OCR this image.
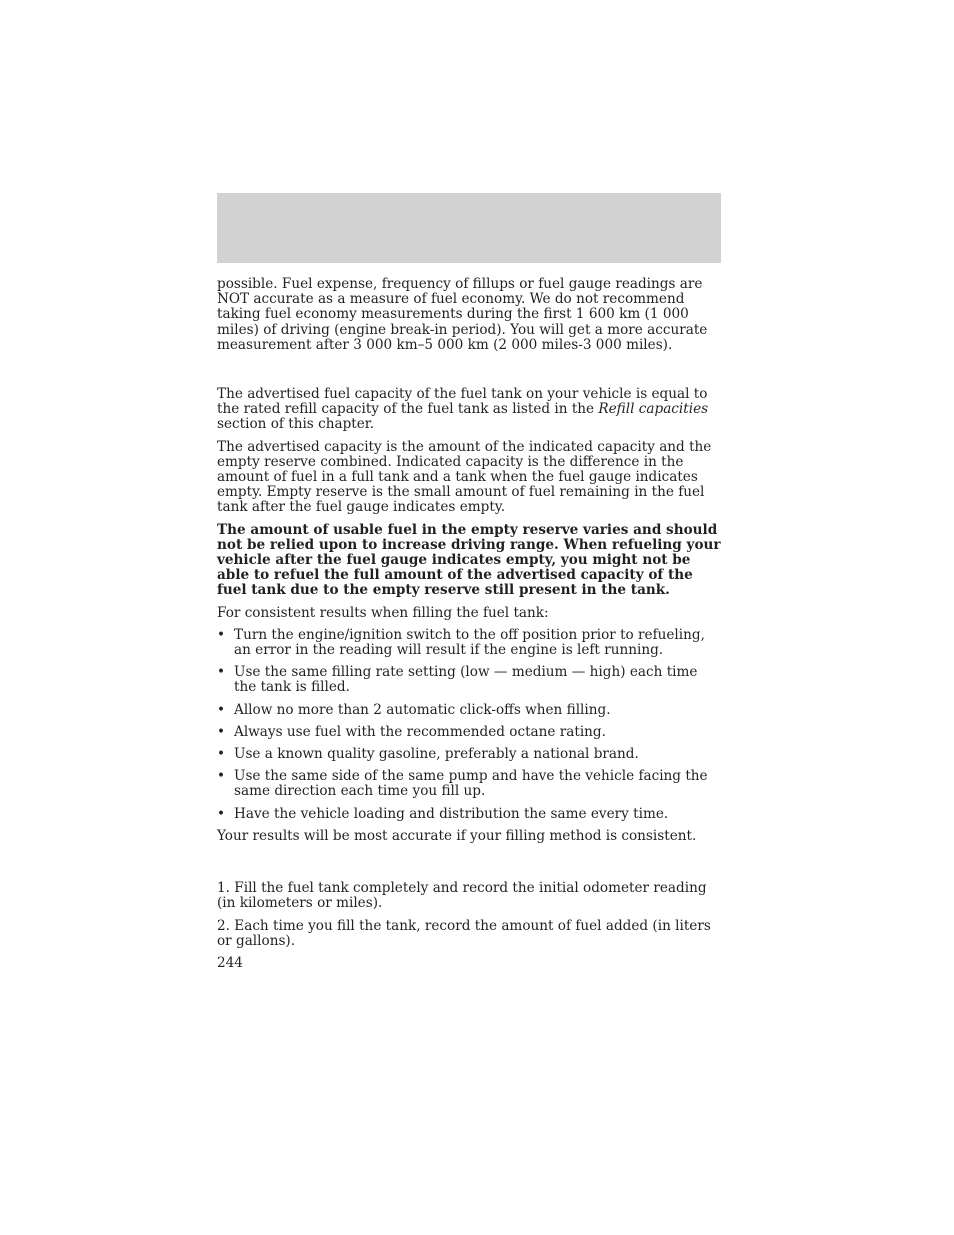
possible. Fuel expense, frequency of fillups or fuel gauge readings are NOT accurate as a measure of fuel economy. We do not recommend taking fuel economy measurements during the first 1 600 km (1 000 miles) of driving (engine break-in period). You will get a more accurate measurement after 3 000 km–5 000 km (2 000 miles-3 000 miles).

The advertised fuel capacity of the fuel tank on your vehicle is equal to the rated refill capacity of the fuel tank as listed in the Refill capacities section of this chapter.

The advertised capacity is the amount of the indicated capacity and the empty reserve combined. Indicated capacity is the difference in the amount of fuel in a full tank and a tank when the fuel gauge indicates empty. Empty reserve is the small amount of fuel remaining in the fuel tank after the fuel gauge indicates empty.

The amount of usable fuel in the empty reserve varies and should not be relied upon to increase driving range. When refueling your vehicle after the fuel gauge indicates empty, you might not be able to refuel the full amount of the advertised capacity of the fuel tank due to the empty reserve still present in the tank.

For consistent results when filling the fuel tank:

• Turn the engine/ignition switch to the off position prior to refueling, an error in the reading will result if the engine is left running.
• Use the same filling rate setting (low — medium — high) each time the tank is filled.
• Allow no more than 2 automatic click-offs when filling.
• Always use fuel with the recommended octane rating.
• Use a known quality gasoline, preferably a national brand.
• Use the same side of the same pump and have the vehicle facing the same direction each time you fill up.
• Have the vehicle loading and distribution the same every time.

Your results will be most accurate if your filling method is consistent.

1. Fill the fuel tank completely and record the initial odometer reading (in kilometers or miles).

2. Each time you fill the tank, record the amount of fuel added (in liters or gallons).

244
